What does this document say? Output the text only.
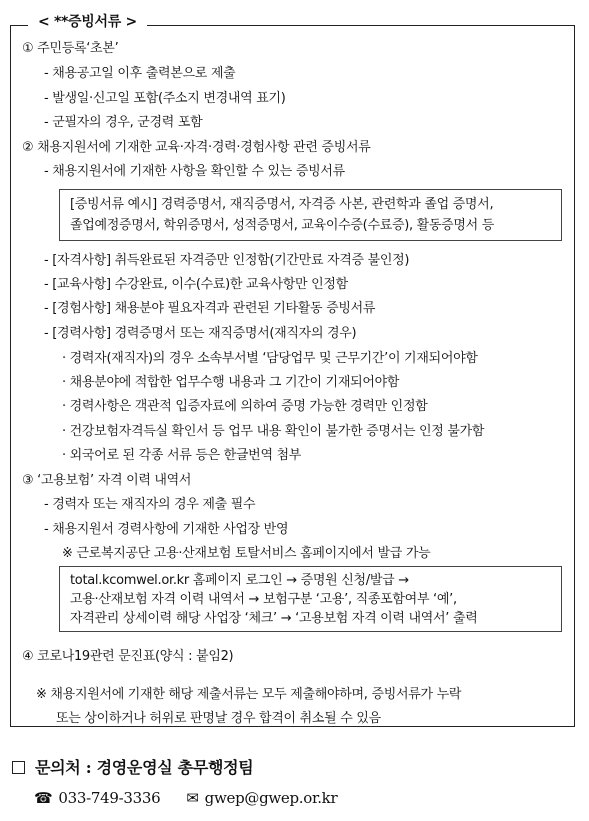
< **증빙서류 >
① 주민등록‘초본’
- 채용공고일 이후 출력본으로 제출
- 발생일·신고일 포함(주소지 변경내역 표기)
- 군필자의 경우, 군경력 포함
② 채용지원서에 기재한 교육·자격·경력·경험사항 관련 증빙서류
- 채용지원서에 기재한 사항을 확인할 수 있는 증빙서류
- [자격사항] 취득완료된 자격증만 인정함(기간만료 자격증 불인정)
- [교육사항] 수강완료, 이수(수료)한 교육사항만 인정함
- [경험사항] 채용분야 필요자격과 관련된 기타활동 증빙서류
- [경력사항] 경력증명서 또는 재직증명서(재직자의 경우)
· 경력자(재직자)의 경우 소속부서별 ‘담당업무 및 근무기간’이 기재되어야함
· 채용분야에 적합한 업무수행 내용과 그 기간이 기재되어야함
· 경력사항은 객관적 입증자료에 의하여 증명 가능한 경력만 인정함
· 건강보험자격득실 확인서 등 업무 내용 확인이 불가한 증명서는 인정 불가함
· 외국어로 된 각종 서류 등은 한글번역 첨부
③ ‘고용보험’ 자격 이력 내역서
- 경력자 또는 재직자의 경우 제출 필수
- 채용지원서 경력사항에 기재한 사업장 반영
※ 근로복지공단 고용·산재보험 토탈서비스 홈페이지에서 발급 가능
④ 코로나19관련 문진표(양식 : 붙임2)
※ 채용지원서에 기재한 해당 제출서류는 모두 제출해야하며, 증빙서류가 누락
또는 상이하거나 허위로 판명날 경우 합격이 취소될 수 있음
[증빙서류 예시] 경력증명서, 재직증명서, 자격증 사본, 관련학과 졸업 증명서,
졸업예정증명서, 학위증명서, 성적증명서, 교육이수증(수료증), 활동증명서 등
total.kcomwel.or.kr 홈페이지 로그인 → 증명원 신청/발급 →
고용·산재보험 자격 이력 내역서 → 보험구분 ‘고용’, 직종포함여부 ‘예’,
자격관리 상세이력 해당 사업장 ‘체크’ → ‘고용보험 자격 이력 내역서’ 출력
문의처 : 경영운영실 총무행정팀
☎ 033-749-3336 ✉ gwep@gwep.or.kr
